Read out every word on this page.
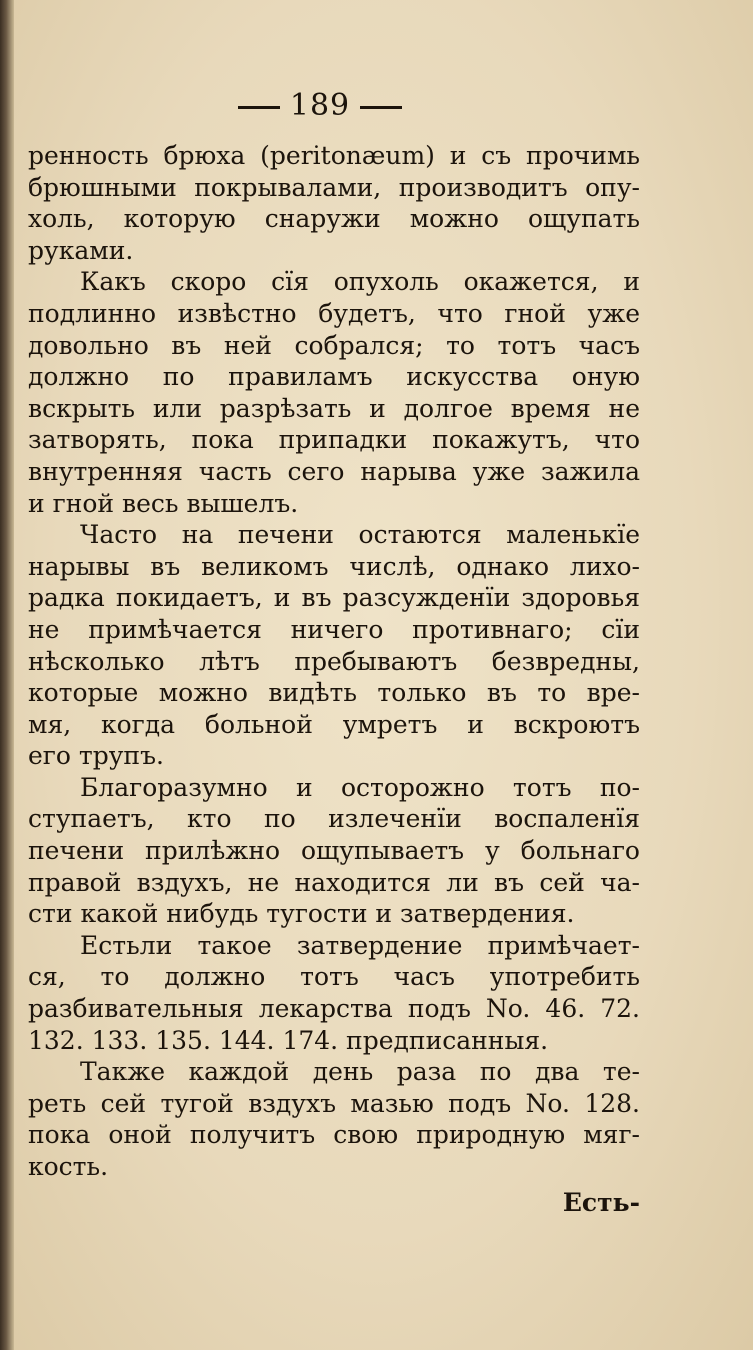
189
ренность брюха (peritonæum) и съ прочимь
брюшными покрывалами, производитъ опу-
холь, которую снаружи можно ощупать
руками.
Какъ скоро сїя опухоль окажется, и
подлинно извѣстно будетъ, что гной уже
довольно въ ней собрался; то тотъ часъ
должно по правиламъ искусства оную
вскрыть или разрѣзать и долгое время не
затворять, пока припадки покажутъ, что
внутренняя часть сего нарыва уже зажила
и гной весь вышелъ.
Часто на печени остаются маленькїе
нарывы въ великомъ числѣ, однако лихо-
радка покидаетъ, и въ разсужденїи здоровья
не примѣчается ничего противнаго; сїи
нѣсколько лѣтъ пребываютъ безвредны,
которые можно видѣть только въ то вре-
мя, когда больной умретъ и вскроютъ
его трупъ.
Благоразумно и осторожно тотъ по-
ступаетъ, кто по излеченїи воспаленїя
печени прилѣжно ощупываетъ у больнаго
правой вздухъ, не находится ли въ сей ча-
сти какой нибудь тугости и затвердения.
Естьли такое затвердение примѣчает-
ся, то должно тотъ часъ употребить
разбивательныя лекарства подъ No. 46. 72.
132. 133. 135. 144. 174. предписанныя.
Также каждой день раза по два те-
реть сей тугой вздухъ мазью подъ No. 128.
пока оной получитъ свою природную мяг-
кость.
Есть-
